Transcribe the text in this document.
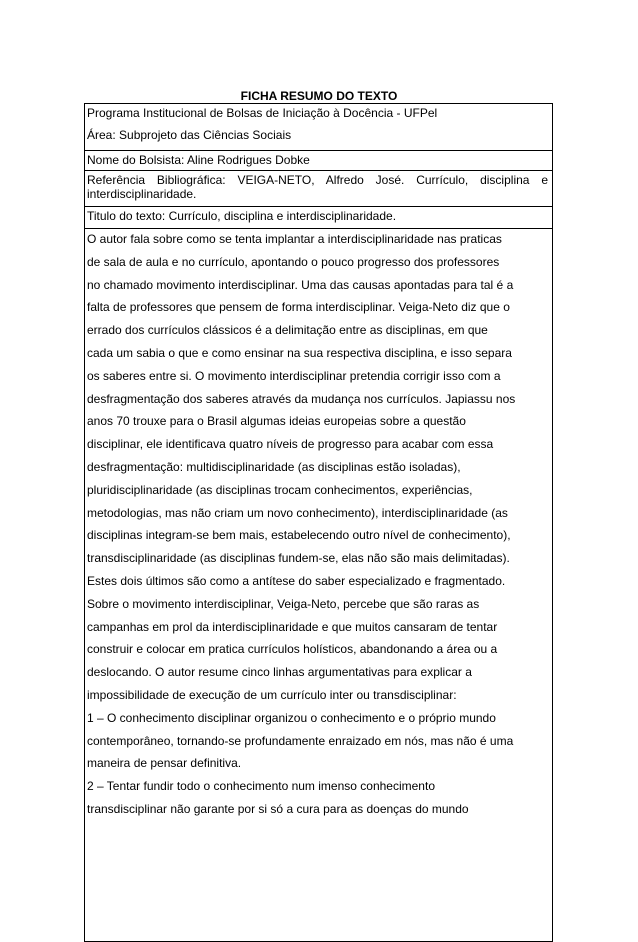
FICHA RESUMO DO TEXTO
Programa Institucional de Bolsas de Iniciação à Docência - UFPel
Área: Subprojeto das Ciências Sociais
Nome do Bolsista: Aline Rodrigues Dobke
Referência Bibliográfica: VEIGA-NETO, Alfredo José. Currículo, disciplina e interdisciplinaridade.
Titulo do texto: Currículo, disciplina e interdisciplinaridade.
O autor fala sobre como se tenta implantar a interdisciplinaridade nas praticas
de sala de aula e no currículo, apontando o pouco progresso dos professores
no chamado movimento interdisciplinar. Uma das causas apontadas para tal é a
falta de professores que pensem de forma interdisciplinar. Veiga-Neto diz que o
errado dos currículos clássicos é a delimitação entre as disciplinas, em que
cada um sabia o que e como ensinar na sua respectiva disciplina, e isso separa
os saberes entre si. O movimento interdisciplinar pretendia corrigir isso com a
desfragmentação dos saberes através da mudança nos currículos. Japiassu nos
anos 70 trouxe para o Brasil algumas ideias europeias sobre a questão
disciplinar, ele identificava quatro níveis de progresso para acabar com essa
desfragmentação: multidisciplinaridade (as disciplinas estão isoladas),
pluridisciplinaridade (as disciplinas trocam conhecimentos, experiências,
metodologias, mas não criam um novo conhecimento), interdisciplinaridade (as
disciplinas integram-se bem mais, estabelecendo outro nível de conhecimento),
transdisciplinaridade (as disciplinas fundem-se, elas não são mais delimitadas).
Estes dois últimos são como a antítese do saber especializado e fragmentado.
Sobre o movimento interdisciplinar, Veiga-Neto, percebe que são raras as
campanhas em prol da interdisciplinaridade e que muitos cansaram de tentar
construir e colocar em pratica currículos holísticos, abandonando a área ou a
deslocando. O autor resume cinco linhas argumentativas para explicar a
impossibilidade de execução de um currículo inter ou transdisciplinar:
1 – O conhecimento disciplinar organizou o conhecimento e o próprio mundo
contemporâneo, tornando-se profundamente enraizado em nós, mas não é uma
maneira de pensar definitiva.
2 – Tentar fundir todo o conhecimento num imenso conhecimento
transdisciplinar não garante por si só a cura para as doenças do mundo
